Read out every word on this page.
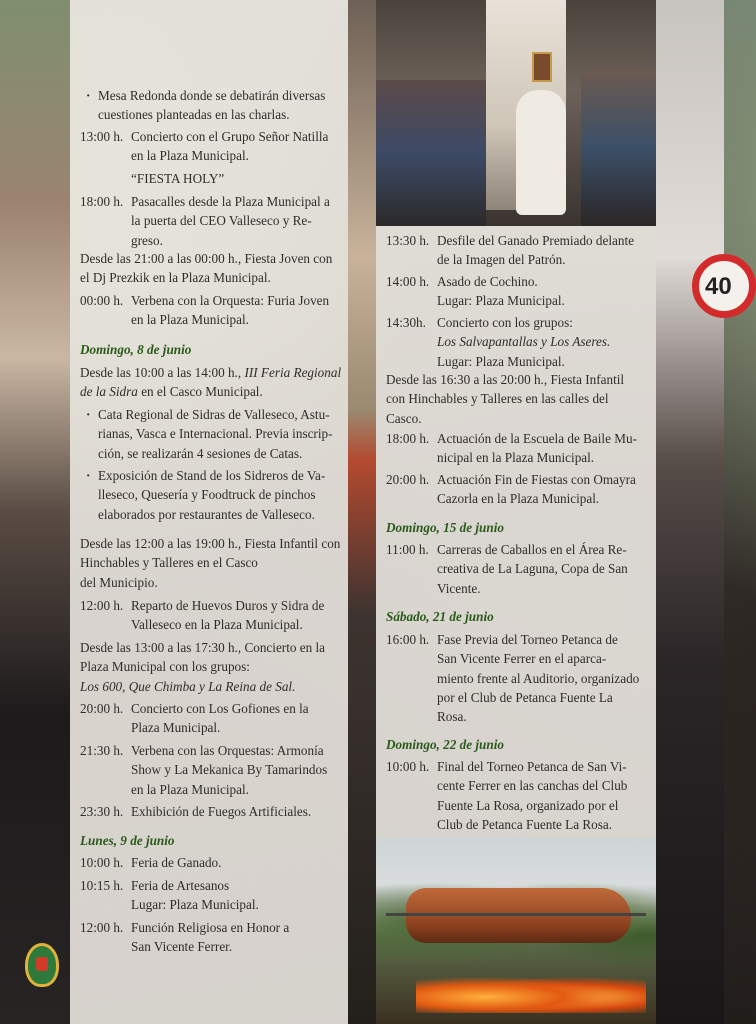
40
· Mesa Redonda donde se debatirán diversas
cuestiones planteadas en las charlas.
13:00 h. Concierto con el Grupo Señor Natilla
en la Plaza Municipal.
“FIESTA HOLY”
18:00 h. Pasacalles desde la Plaza Municipal a
la puerta del CEO Valleseco y Re-
greso.
Desde las 21:00 a las 00:00 h., Fiesta Joven con
el Dj Prezkik en la Plaza Municipal.
00:00 h. Verbena con la Orquesta: Furia Joven
en la Plaza Municipal.
Domingo, 8 de junio
Desde las 10:00 a las 14:00 h., III Feria Regional
de la Sidra en el Casco Municipal.
· Cata Regional de Sidras de Valleseco, Astu-
rianas, Vasca e Internacional. Previa inscrip-
ción, se realizarán 4 sesiones de Catas.
· Exposición de Stand de los Sidreros de Va-
lleseco, Quesería y Foodtruck de pinchos
elaborados por restaurantes de Valleseco.
Desde las 12:00 a las 19:00 h., Fiesta Infantil con
Hinchables y Talleres en el Casco
del Municipio.
12:00 h. Reparto de Huevos Duros y Sidra de
Valleseco en la Plaza Municipal.
Desde las 13:00 a las 17:30 h., Concierto en la
Plaza Municipal con los grupos:
Los 600, Que Chimba y La Reina de Sal.
20:00 h. Concierto con Los Gofiones en la
Plaza Municipal.
21:30 h. Verbena con las Orquestas: Armonía
Show y La Mekanica By Tamarindos
en la Plaza Municipal.
23:30 h. Exhibición de Fuegos Artificiales.
Lunes, 9 de junio
10:00 h. Feria de Ganado.
10:15 h. Feria de Artesanos
Lugar: Plaza Municipal.
12:00 h. Función Religiosa en Honor a
San Vicente Ferrer.
13:30 h. Desfile del Ganado Premiado delante
de la Imagen del Patrón.
14:00 h. Asado de Cochino.
Lugar: Plaza Municipal.
14:30h. Concierto con los grupos:
Los Salvapantallas y Los Aseres.
Lugar: Plaza Municipal.
Desde las 16:30 a las 20:00 h., Fiesta Infantil
con Hinchables y Talleres en las calles del
Casco.
18:00 h. Actuación de la Escuela de Baile Mu-
nicipal en la Plaza Municipal.
20:00 h. Actuación Fin de Fiestas con Omayra
Cazorla en la Plaza Municipal.
Domingo, 15 de junio
11:00 h. Carreras de Caballos en el Área Re-
creativa de La Laguna, Copa de San
Vicente.
Sábado, 21 de junio
16:00 h. Fase Previa del Torneo Petanca de
San Vicente Ferrer en el aparca-
miento frente al Auditorio, organizado
por el Club de Petanca Fuente La
Rosa.
Domingo, 22 de junio
10:00 h. Final del Torneo Petanca de San Vi-
cente Ferrer en las canchas del Club
Fuente La Rosa, organizado por el
Club de Petanca Fuente La Rosa.
